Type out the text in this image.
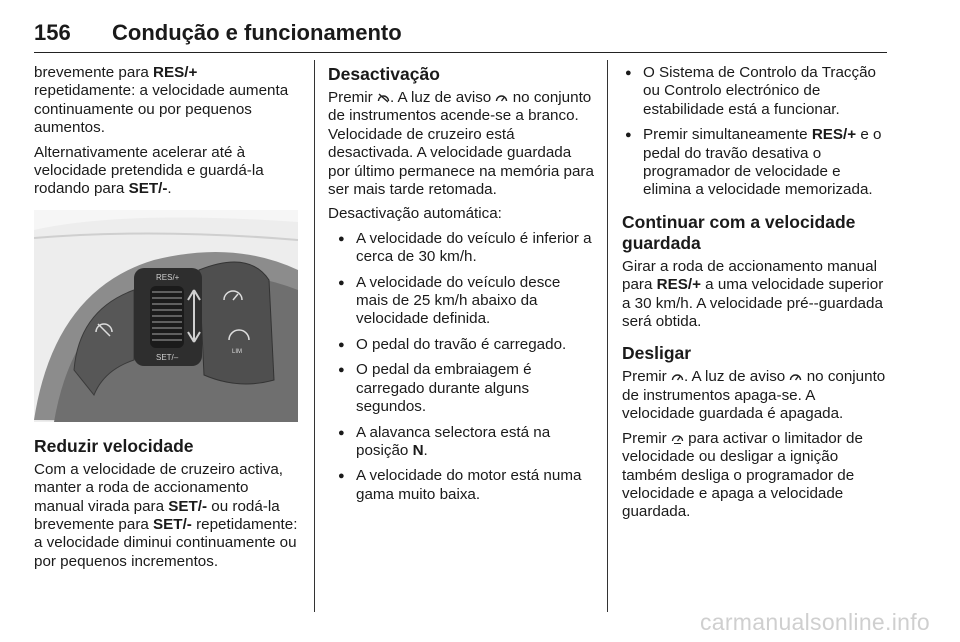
156 Condução e funcionamento

brevemente para RES/+ repetidamente: a velocidade aumenta continuamente ou por pequenos aumentos.

Alternativamente acelerar até à velocidade pretendida e guardá-la rodando para SET/-.

RES/+
SET/–
LIM
Reduzir velocidade

Com a velocidade de cruzeiro activa, manter a roda de accionamento manual virada para SET/- ou rodá-la brevemente para SET/- repetidamente: a velocidade diminui continuamente ou por pequenos incrementos.

Desactivação

Premir . A luz de aviso  no conjunto de instrumentos acende-se a branco. Velocidade de cruzeiro está desactivada. A velocidade guardada por último permanece na memória para ser mais tarde retomada.

Desactivação automática:

● A velocidade do veículo é inferior a cerca de 30 km/h.
● A velocidade do veículo desce mais de 25 km/h abaixo da velocidade definida.
● O pedal do travão é carregado.
● O pedal da embraiagem é carregado durante alguns segundos.
● A alavanca selectora está na posição N.
● A velocidade do motor está numa gama muito baixa.
● O Sistema de Controlo da Tracção ou Controlo electrónico de estabilidade está a funcionar.
● Premir simultaneamente RES/+ e o pedal do travão desativa o programador de velocidade e elimina a velocidade memorizada.
Continuar com a velocidade guardada

Girar a roda de accionamento manual para RES/+ a uma velocidade superior a 30 km/h. A velocidade pré--guardada será obtida.

Desligar

Premir . A luz de aviso  no conjunto de instrumentos apaga-se. A velocidade guardada é apagada.

Premir  para activar o limitador de velocidade ou desligar a ignição também desliga o programador de velocidade e apaga a velocidade guardada.

carmanualsonline.info
